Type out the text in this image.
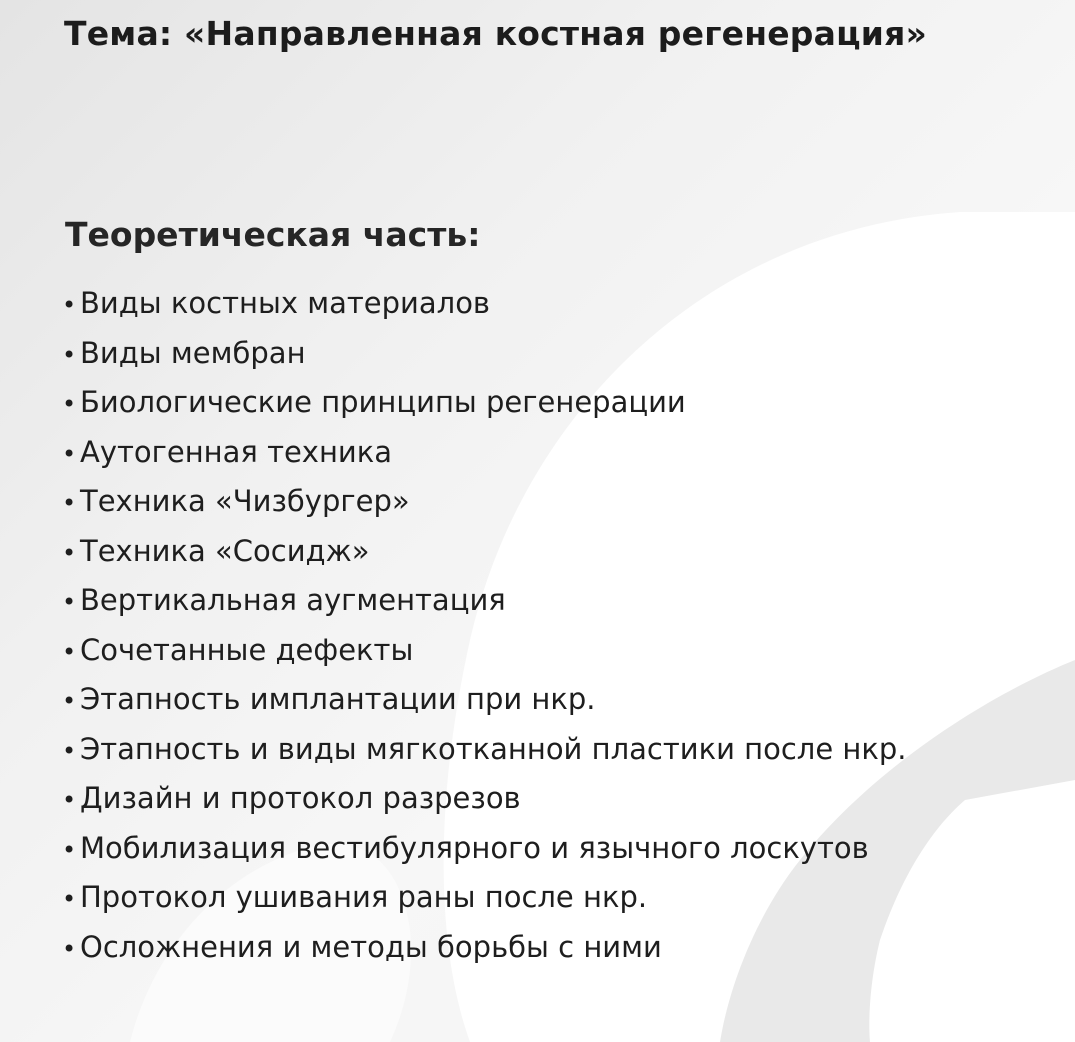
Тема: «Направленная костная регенерация»
Теоретическая часть:
• Виды костных материалов
• Виды мембран
• Биологические принципы регенерации
• Аутогенная техника
• Техника «Чизбургер»
• Техника «Сосидж»
• Вертикальная аугментация
• Сочетанные дефекты
• Этапность имплантации при нкр.
• Этапность и виды мягкотканной пластики после нкр.
• Дизайн и протокол разрезов
• Мобилизация вестибулярного и язычного лоскутов
• Протокол ушивания раны после нкр.
• Осложнения и методы борьбы с ними
